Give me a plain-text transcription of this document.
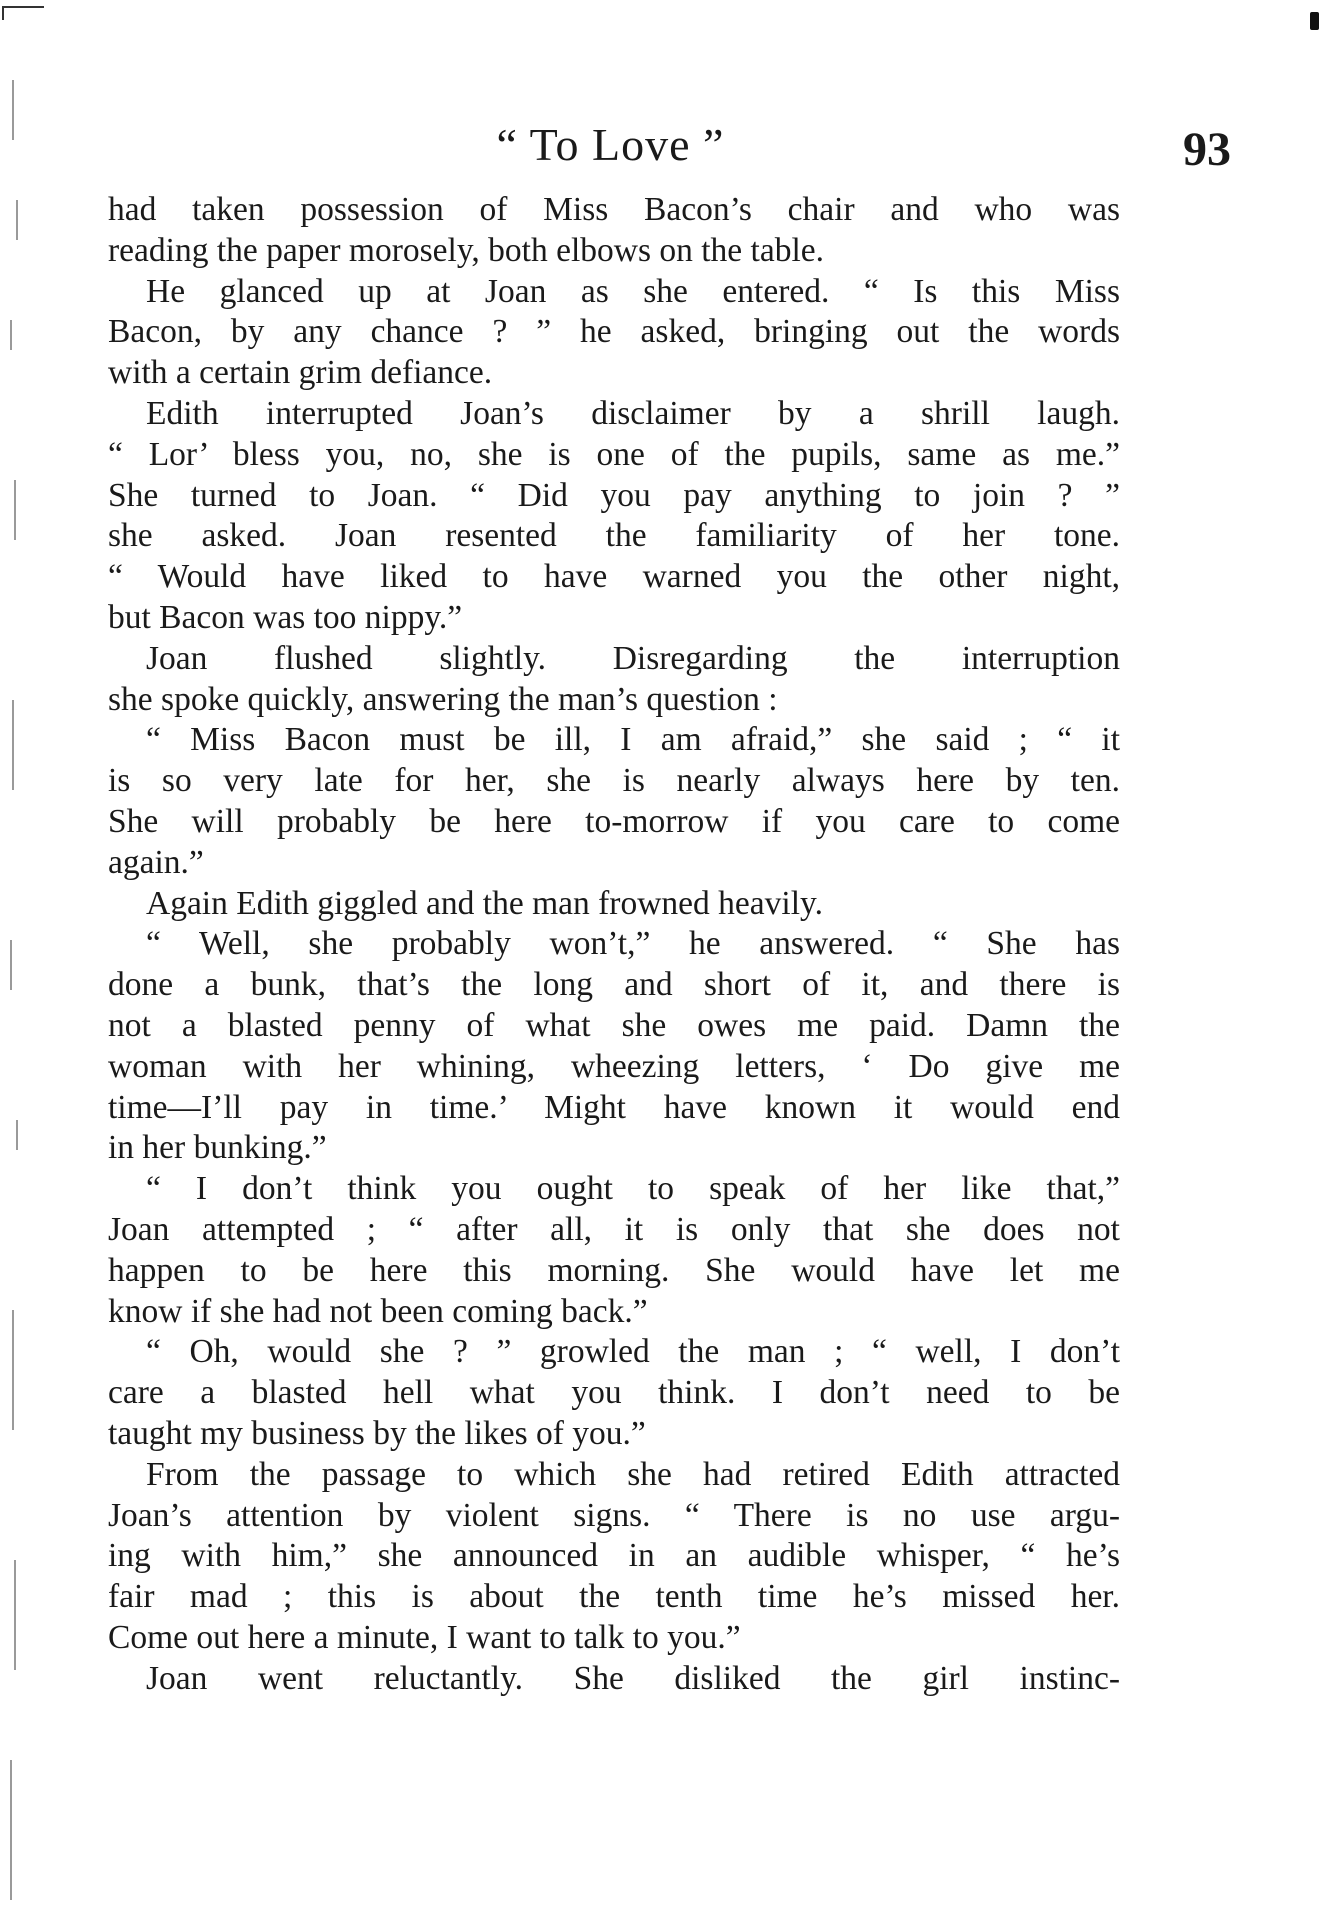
“ To Love ”	93
had taken possession of Miss Bacon’s chair and who was
reading the paper morosely, both elbows on the table.
He glanced up at Joan as she entered. “ Is this Miss
Bacon, by any chance ? ” he asked, bringing out the words
with a certain grim defiance.
Edith interrupted Joan’s disclaimer by a shrill laugh.
“ Lor’ bless you, no, she is one of the pupils, same as me.”
She turned to Joan. “ Did you pay anything to join ? ”
she asked. Joan resented the familiarity of her tone.
“ Would have liked to have warned you the other night,
but Bacon was too nippy.”
Joan flushed slightly. Disregarding the interruption
she spoke quickly, answering the man’s question :
“ Miss Bacon must be ill, I am afraid,” she said ; “ it
is so very late for her, she is nearly always here by ten.
She will probably be here to-morrow if you care to come
again.”
Again Edith giggled and the man frowned heavily.
“ Well, she probably won’t,” he answered. “ She has
done a bunk, that’s the long and short of it, and there is
not a blasted penny of what she owes me paid. Damn the
woman with her whining, wheezing letters, ‘ Do give me
time—I’ll pay in time.’ Might have known it would end
in her bunking.”
“ I don’t think you ought to speak of her like that,”
Joan attempted ; “ after all, it is only that she does not
happen to be here this morning. She would have let me
know if she had not been coming back.”
“ Oh, would she ? ” growled the man ; “ well, I don’t
care a blasted hell what you think. I don’t need to be
taught my business by the likes of you.”
From the passage to which she had retired Edith attracted
Joan’s attention by violent signs. “ There is no use argu-
ing with him,” she announced in an audible whisper, “ he’s
fair mad ; this is about the tenth time he’s missed her.
Come out here a minute, I want to talk to you.”
Joan went reluctantly. She disliked the girl instinc-
